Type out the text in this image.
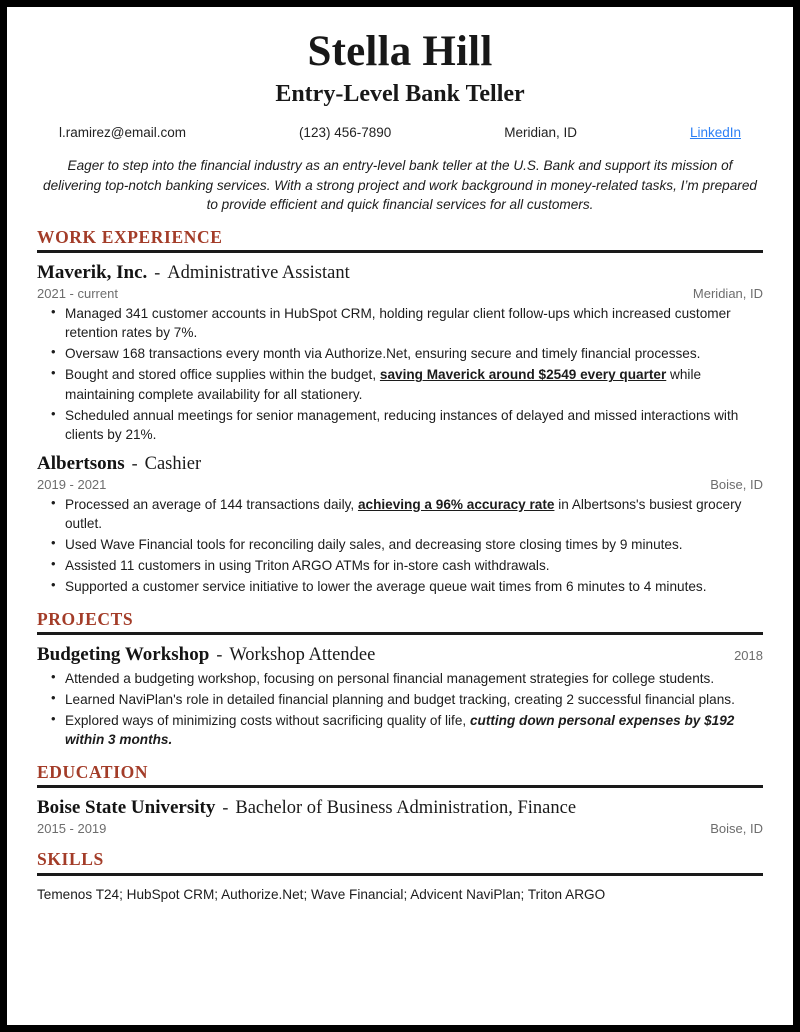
Stella Hill
Entry-Level Bank Teller
l.ramirez@email.com	(123) 456-7890	Meridian, ID	LinkedIn
Eager to step into the financial industry as an entry-level bank teller at the U.S. Bank and support its mission of delivering top-notch banking services. With a strong project and work background in money-related tasks, I’m prepared to provide efficient and quick financial services for all customers.
WORK EXPERIENCE
Maverik, Inc. - Administrative Assistant
2021 - current	Meridian, ID
• Managed 341 customer accounts in HubSpot CRM, holding regular client follow-ups which increased customer retention rates by 7%.
• Oversaw 168 transactions every month via Authorize.Net, ensuring secure and timely financial processes.
• Bought and stored office supplies within the budget, saving Maverick around $2549 every quarter while maintaining complete availability for all stationery.
• Scheduled annual meetings for senior management, reducing instances of delayed and missed interactions with clients by 21%.
Albertsons - Cashier
2019 - 2021	Boise, ID
• Processed an average of 144 transactions daily, achieving a 96% accuracy rate in Albertsons's busiest grocery outlet.
• Used Wave Financial tools for reconciling daily sales, and decreasing store closing times by 9 minutes.
• Assisted 11 customers in using Triton ARGO ATMs for in-store cash withdrawals.
• Supported a customer service initiative to lower the average queue wait times from 6 minutes to 4 minutes.
PROJECTS
Budgeting Workshop - Workshop Attendee	2018
• Attended a budgeting workshop, focusing on personal financial management strategies for college students.
• Learned NaviPlan's role in detailed financial planning and budget tracking, creating 2 successful financial plans.
• Explored ways of minimizing costs without sacrificing quality of life, cutting down personal expenses by $192 within 3 months.
EDUCATION
Boise State University - Bachelor of Business Administration, Finance
2015 - 2019	Boise, ID
SKILLS
Temenos T24; HubSpot CRM; Authorize.Net; Wave Financial; Advicent NaviPlan; Triton ARGO
